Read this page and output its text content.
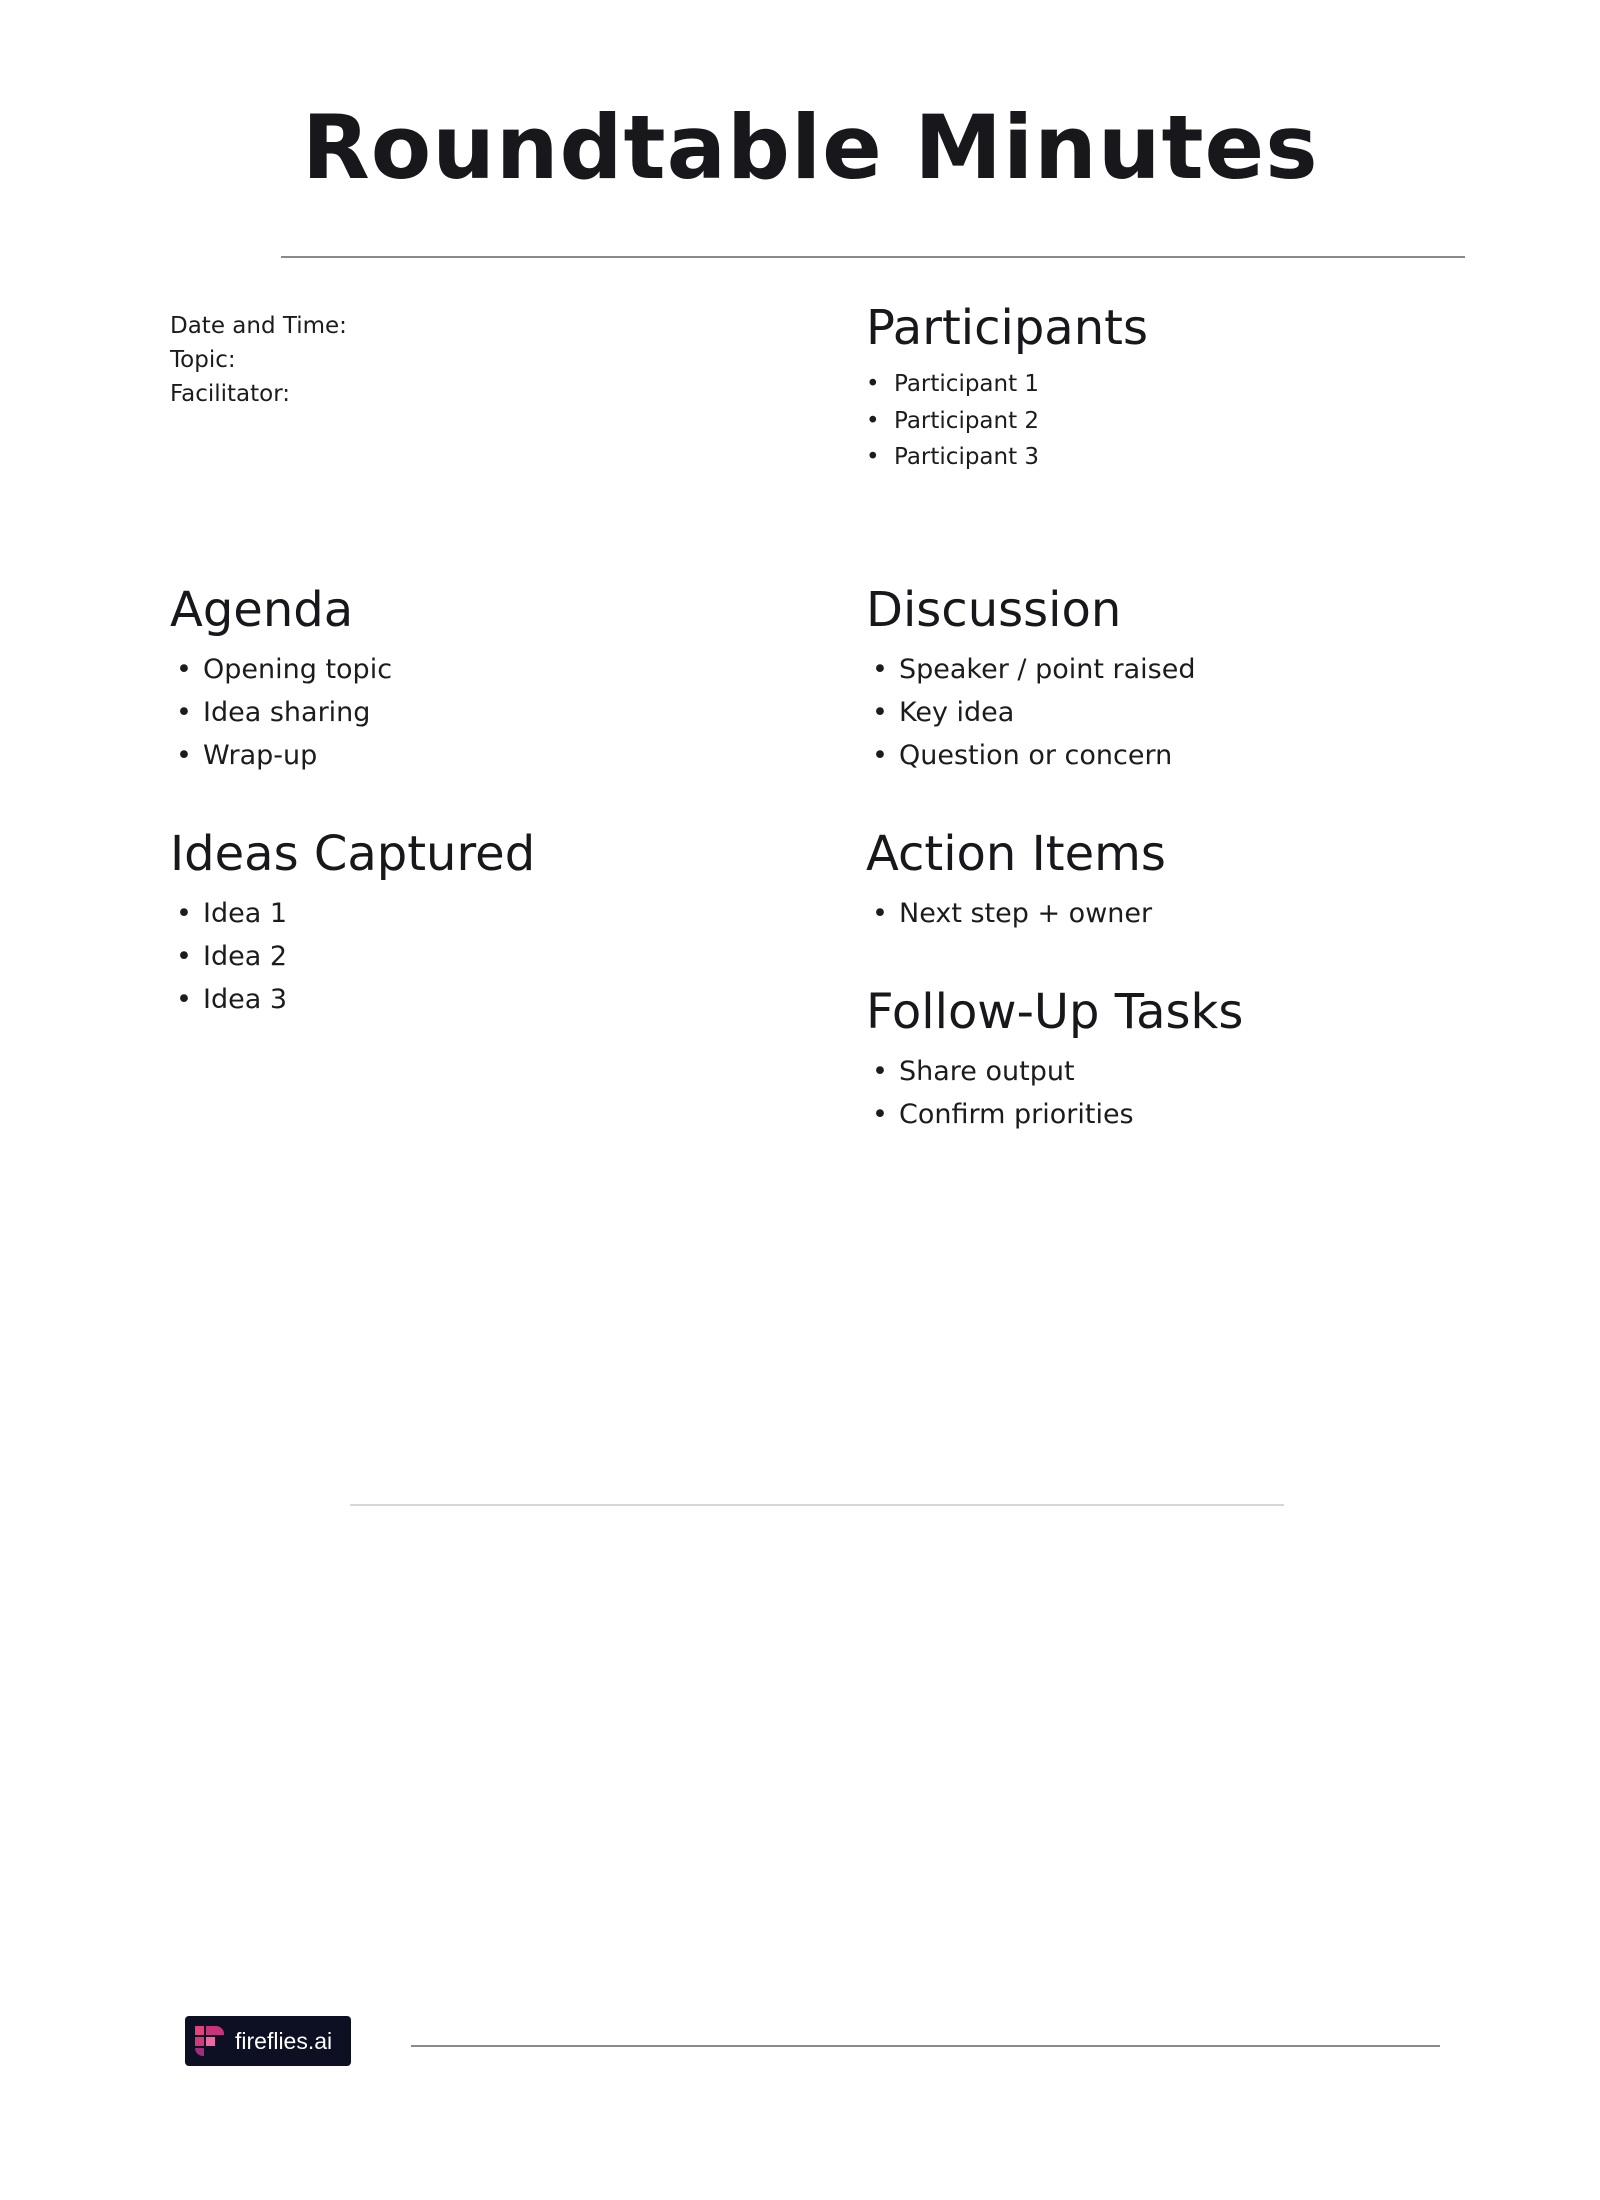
Roundtable Minutes
Date and Time:
Topic:
Facilitator:
Participants
• Participant 1
• Participant 2
• Participant 3
Agenda
• Opening topic
• Idea sharing
• Wrap-up
Discussion
• Speaker / point raised
• Key idea
• Question or concern
Ideas Captured
• Idea 1
• Idea 2
• Idea 3
Action Items
• Next step + owner
Follow-Up Tasks
• Share output
• Confirm priorities
fireflies.ai
